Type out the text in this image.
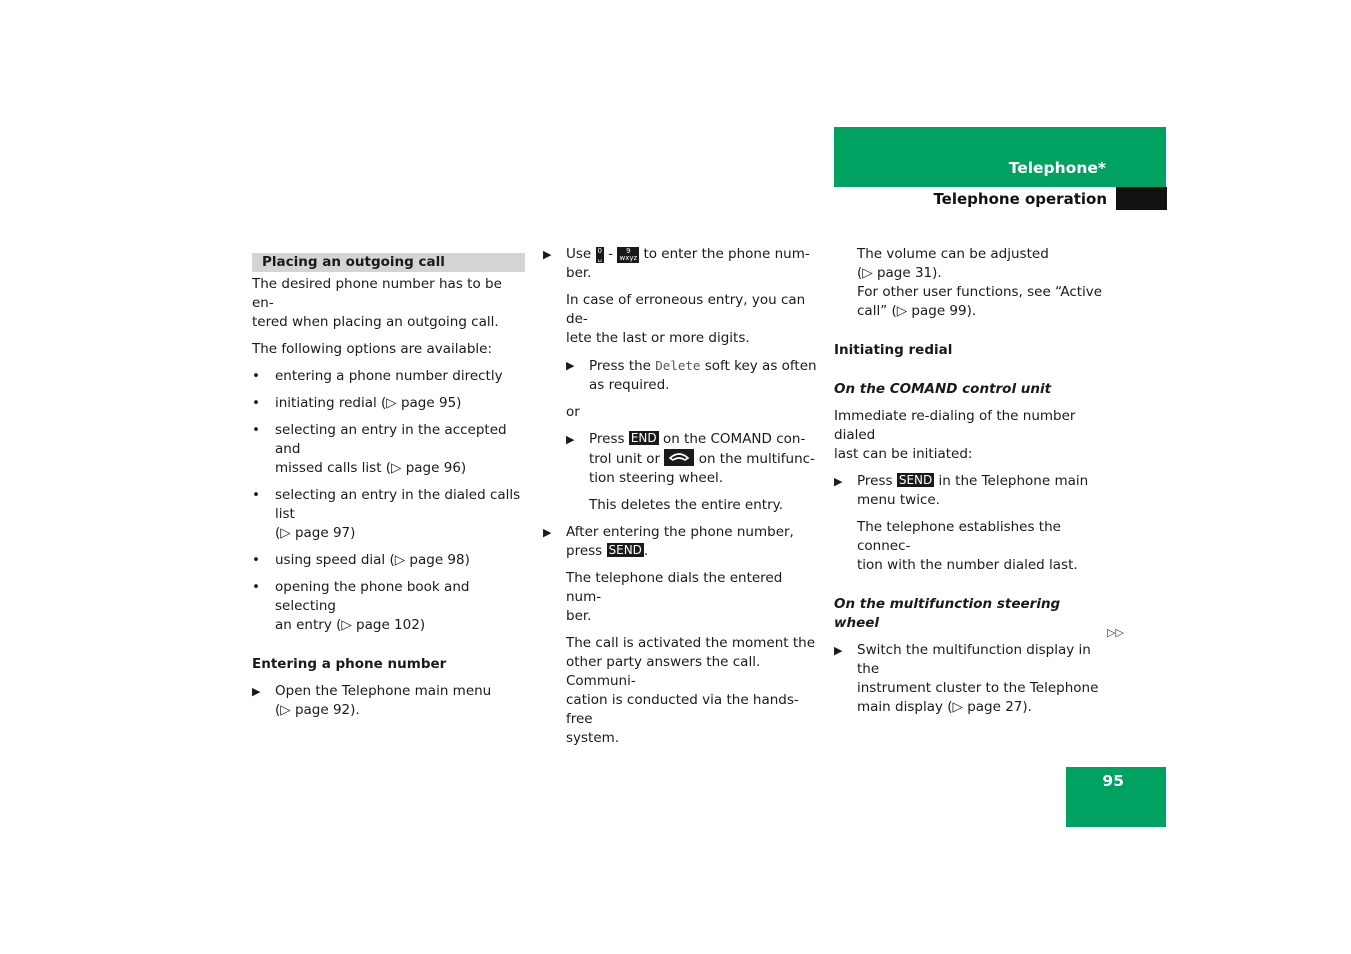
Telephone*
Telephone operation
Placing an outgoing call

The desired phone number has to be en-

tered when placing an outgoing call.

The following options are available:

• entering a phone number directly
• initiating redial (▷ page 95)
• selecting an entry in the accepted and
missed calls list (▷ page 96)
• selecting an entry in the dialed calls list
(▷ page 97)
• using speed dial (▷ page 98)
• opening the phone book and selecting
an entry (▷ page 102)

Entering a phone number

▶ Open the Telephone main menu
(▷ page 92).
▶ Use 0
␣ - 9
wxyz to enter the phone num-
ber.

In case of erroneous entry, you can de-

lete the last or more digits.

▶ Press the Delete soft key as often
as required.

or

▶ Press END on the COMAND con-
trol unit or	on the multifunc-
tion steering wheel.

This deletes the entire entry.

▶ After entering the phone number,
press SEND .

The telephone dials the entered num-

ber.

The call is activated the moment the

other party answers the call. Communi-

cation is conducted via the hands-free

system.

The volume can be adjusted

(▷ page 31).

For other user functions, see “Active

call” (▷ page 99).

Initiating redial

On the COMAND control unit

Immediate re-dialing of the number dialed

last can be initiated:

▶ Press SEND in the Telephone main
menu twice.

The telephone establishes the connec-

tion with the number dialed last.

On the multifunction steering wheel

▶ Switch the multifunction display in the
instrument cluster to the Telephone
main display (▷ page 27).
▷▷
95
